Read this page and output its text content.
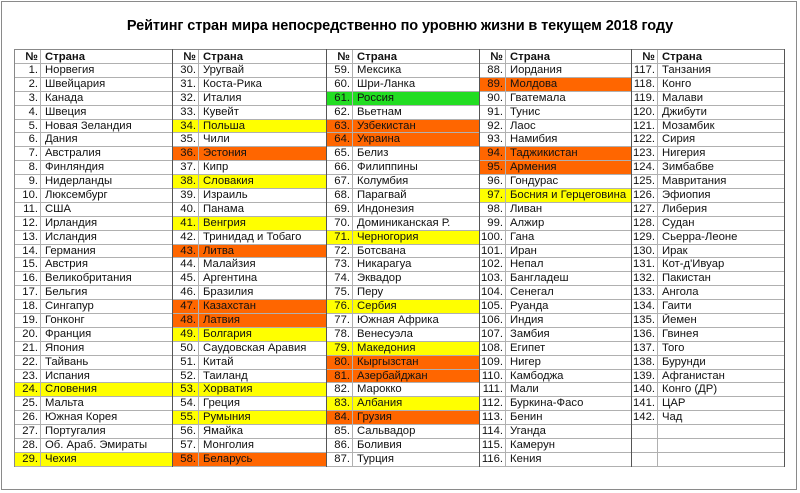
Рейтинг стран мира непосредственно по уровню жизни в текущем 2018 году
№ Страна
1. Норвегия
2. Швейцария
3. Канада
4. Швеция
5. Новая Зеландия
6. Дания
7. Австралия
8. Финляндия
9. Нидерланды
10. Люксембург
11. США
12. Ирландия
13. Исландия
14. Германия
15. Австрия
16. Великобритания
17. Бельгия
18. Сингапур
19. Гонконг
20. Франция
21. Япония
22. Тайвань
23. Испания
24. Словения
25. Мальта
26. Южная Корея
27. Португалия
28. Об. Араб. Эмираты
29. Чехия
№ Страна
30. Уругвай
31. Коста-Рика
32. Италия
33. Кувейт
34. Польша
35. Чили
36. Эстония
37. Кипр
38. Словакия
39. Израиль
40. Панама
41. Венгрия
42. Тринидад и Тобаго
43. Литва
44. Малайзия
45. Аргентина
46. Бразилия
47. Казахстан
48. Латвия
49. Болгария
50. Саудовская Аравия
51. Китай
52. Таиланд
53. Хорватия
54. Греция
55. Румыния
56. Ямайка
57. Монголия
58. Беларусь
№ Страна
59. Мексика
60. Шри-Ланка
61. Россия
62. Вьетнам
63. Узбекистан
64. Украина
65. Белиз
66. Филиппины
67. Колумбия
68. Парагвай
69. Индонезия
70. Доминиканская Р.
71. Черногория
72. Ботсвана
73. Никарагуа
74. Эквадор
75. Перу
76. Сербия
77. Южная Африка
78. Венесуэла
79. Македония
80. Кыргызстан
81. Азербайджан
82. Марокко
83. Албания
84. Грузия
85. Сальвадор
86. Боливия
87. Турция
№ Страна
88. Иордания
89. Молдова
90. Гватемала
91. Тунис
92. Лаос
93. Намибия
94. Таджикистан
95. Армения
96. Гондурас
97. Босния и Герцеговина
98. Ливан
99. Алжир
100. Гана
101. Иран
102. Непал
103. Бангладеш
104. Сенегал
105. Руанда
106. Индия
107. Замбия
108. Египет
109. Нигер
110. Камбоджа
111. Мали
112. Буркина-Фасо
113. Бенин
114. Уганда
115. Камерун
116. Кения
№ Страна
117. Танзания
118. Конго
119. Малави
120. Джибути
121. Мозамбик
122. Сирия
123. Нигерия
124. Зимбабве
125. Мавритания
126. Эфиопия
127. Либерия
128. Судан
129. Сьерра-Леоне
130. Ирак
131. Кот-д'Ивуар
132. Пакистан
133. Ангола
134. Гаити
135. Йемен
136. Гвинея
137. Того
138. Бурунди
139. Афганистан
140. Конго (ДР)
141. ЦАР
142. Чад
